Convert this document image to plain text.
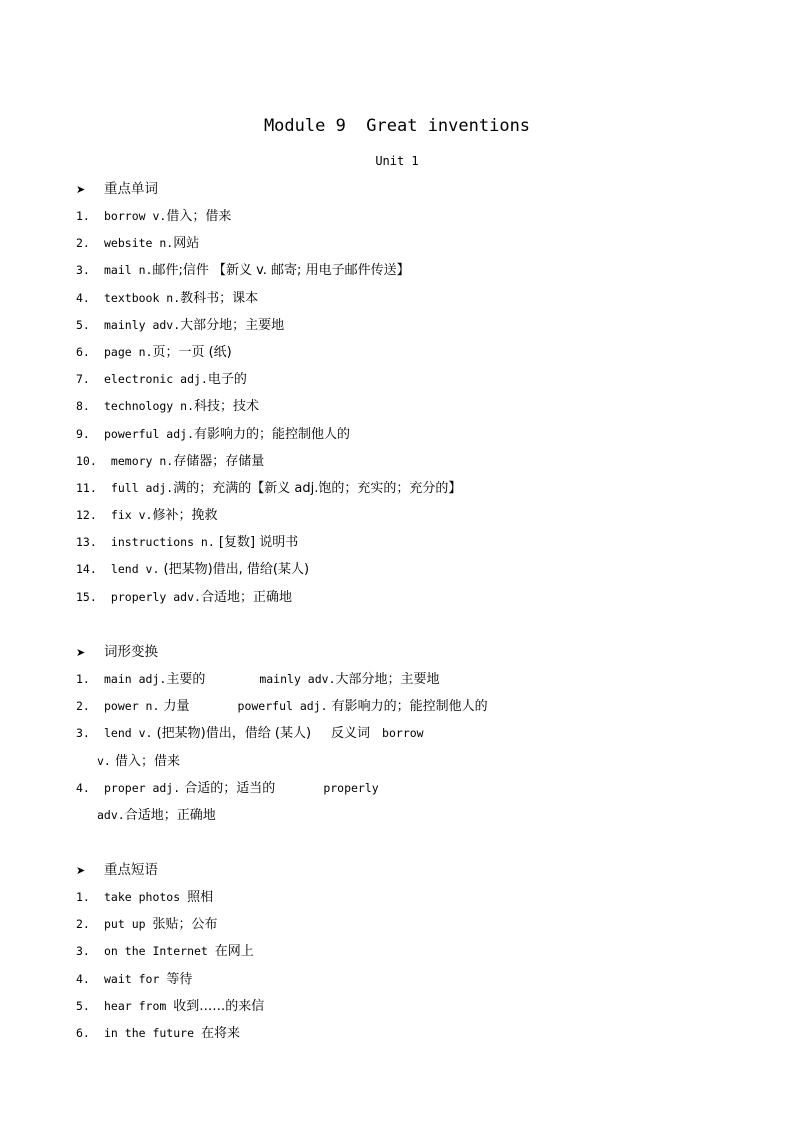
Module 9  Great inventions
Unit 1
➤ 重点单词
1. borrow v.借入；借来
2. website n.网站
3. mail n.邮件;信件 【新义 v. 邮寄; 用电子邮件传送】
4. textbook n.教科书；课本
5. mainly adv.大部分地；主要地
6. page n.页；一页 (纸)
7. electronic adj.电子的
8. technology n.科技；技术
9. powerful adj.有影响力的；能控制他人的
10. memory n.存储器；存储量
11. full adj.满的；充满的【新义 adj.饱的；充实的；充分的】
12. fix v.修补；挽救
13. instructions n. [复数] 说明书
14. lend v. (把某物)借出, 借给(某人)
15. properly adv.合适地；正确地
➤ 词形变换
1. main adj.主要的	mainly adv.大部分地；主要地
2. power n. 力量	powerful adj. 有影响力的；能控制他人的
3. lend v. (把某物)借出，借给 (某人) 反义词 borrow
v. 借入；借来
4. proper adj. 合适的；适当的	properly
adv.合适地；正确地
➤ 重点短语
1. take photos 照相
2. put up 张贴；公布
3. on the Internet 在网上
4. wait for 等待
5. hear from 收到……的来信
6. in the future 在将来
